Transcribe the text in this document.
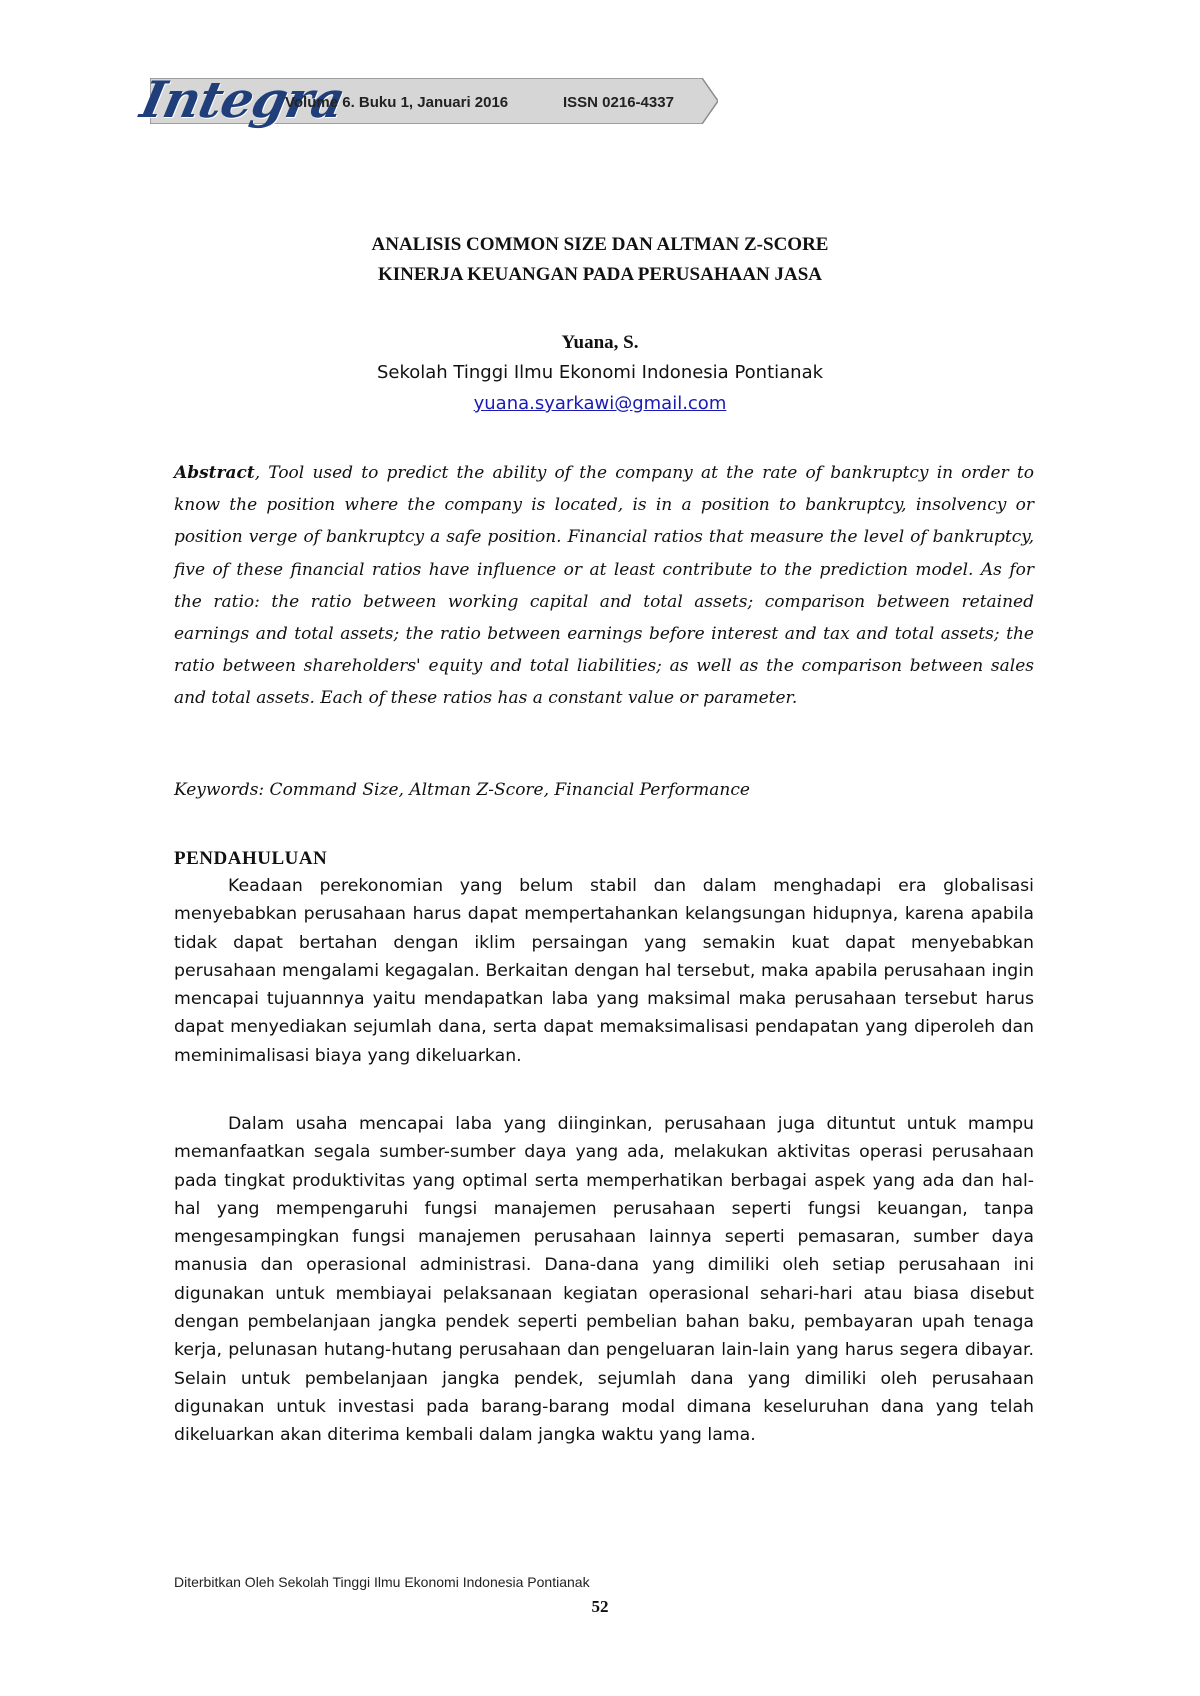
Integra
Volume 6. Buku 1, Januari 2016	ISSN 0216-4337
ANALISIS COMMON SIZE DAN ALTMAN Z-SCORE
KINERJA KEUANGAN PADA PERUSAHAAN JASA
Yuana, S.
Sekolah Tinggi Ilmu Ekonomi Indonesia Pontianak
yuana.syarkawi@gmail.com

Abstract, Tool used to predict the ability of the company at the rate of bankruptcy in order to know the position where the company is located, is in a position to bankruptcy, insolvency or position verge of bankruptcy a safe position. Financial ratios that measure the level of bankruptcy, five of these financial ratios have influence or at least contribute to the prediction model. As for the ratio: the ratio between working capital and total assets; comparison between retained earnings and total assets; the ratio between earnings before interest and tax and total assets; the ratio between shareholders' equity and total liabilities; as well as the comparison between sales and total assets. Each of these ratios has a constant value or parameter.

Keywords: Command Size, Altman Z-Score, Financial Performance

PENDAHULUAN

Keadaan perekonomian yang belum stabil dan dalam menghadapi era globalisasi menyebabkan perusahaan harus dapat mempertahankan kelangsungan hidupnya, karena apabila tidak dapat bertahan dengan iklim persaingan yang semakin kuat dapat menyebabkan perusahaan mengalami kegagalan. Berkaitan dengan hal tersebut, maka apabila perusahaan ingin mencapai tujuannnya yaitu mendapatkan laba yang maksimal maka perusahaan tersebut harus dapat menyediakan sejumlah dana, serta dapat memaksimalisasi pendapatan yang diperoleh dan meminimalisasi biaya yang dikeluarkan.

Dalam usaha mencapai laba yang diinginkan, perusahaan juga dituntut untuk mampu memanfaatkan segala sumber-sumber daya yang ada, melakukan aktivitas operasi perusahaan pada tingkat produktivitas yang optimal serta memperhatikan berbagai aspek yang ada dan hal-hal yang mempengaruhi fungsi manajemen perusahaan seperti fungsi keuangan, tanpa mengesampingkan fungsi manajemen perusahaan lainnya seperti pemasaran, sumber daya manusia dan operasional administrasi. Dana-dana yang dimiliki oleh setiap perusahaan ini digunakan untuk membiayai pelaksanaan kegiatan operasional sehari-hari atau biasa disebut dengan pembelanjaan jangka pendek seperti pembelian bahan baku, pembayaran upah tenaga kerja, pelunasan hutang-hutang perusahaan dan pengeluaran lain-lain yang harus segera dibayar. Selain untuk pembelanjaan jangka pendek, sejumlah dana yang dimiliki oleh perusahaan digunakan untuk investasi pada barang-barang modal dimana keseluruhan dana yang telah dikeluarkan akan diterima kembali dalam jangka waktu yang lama.

Diterbitkan Oleh Sekolah Tinggi Ilmu Ekonomi Indonesia Pontianak
52
